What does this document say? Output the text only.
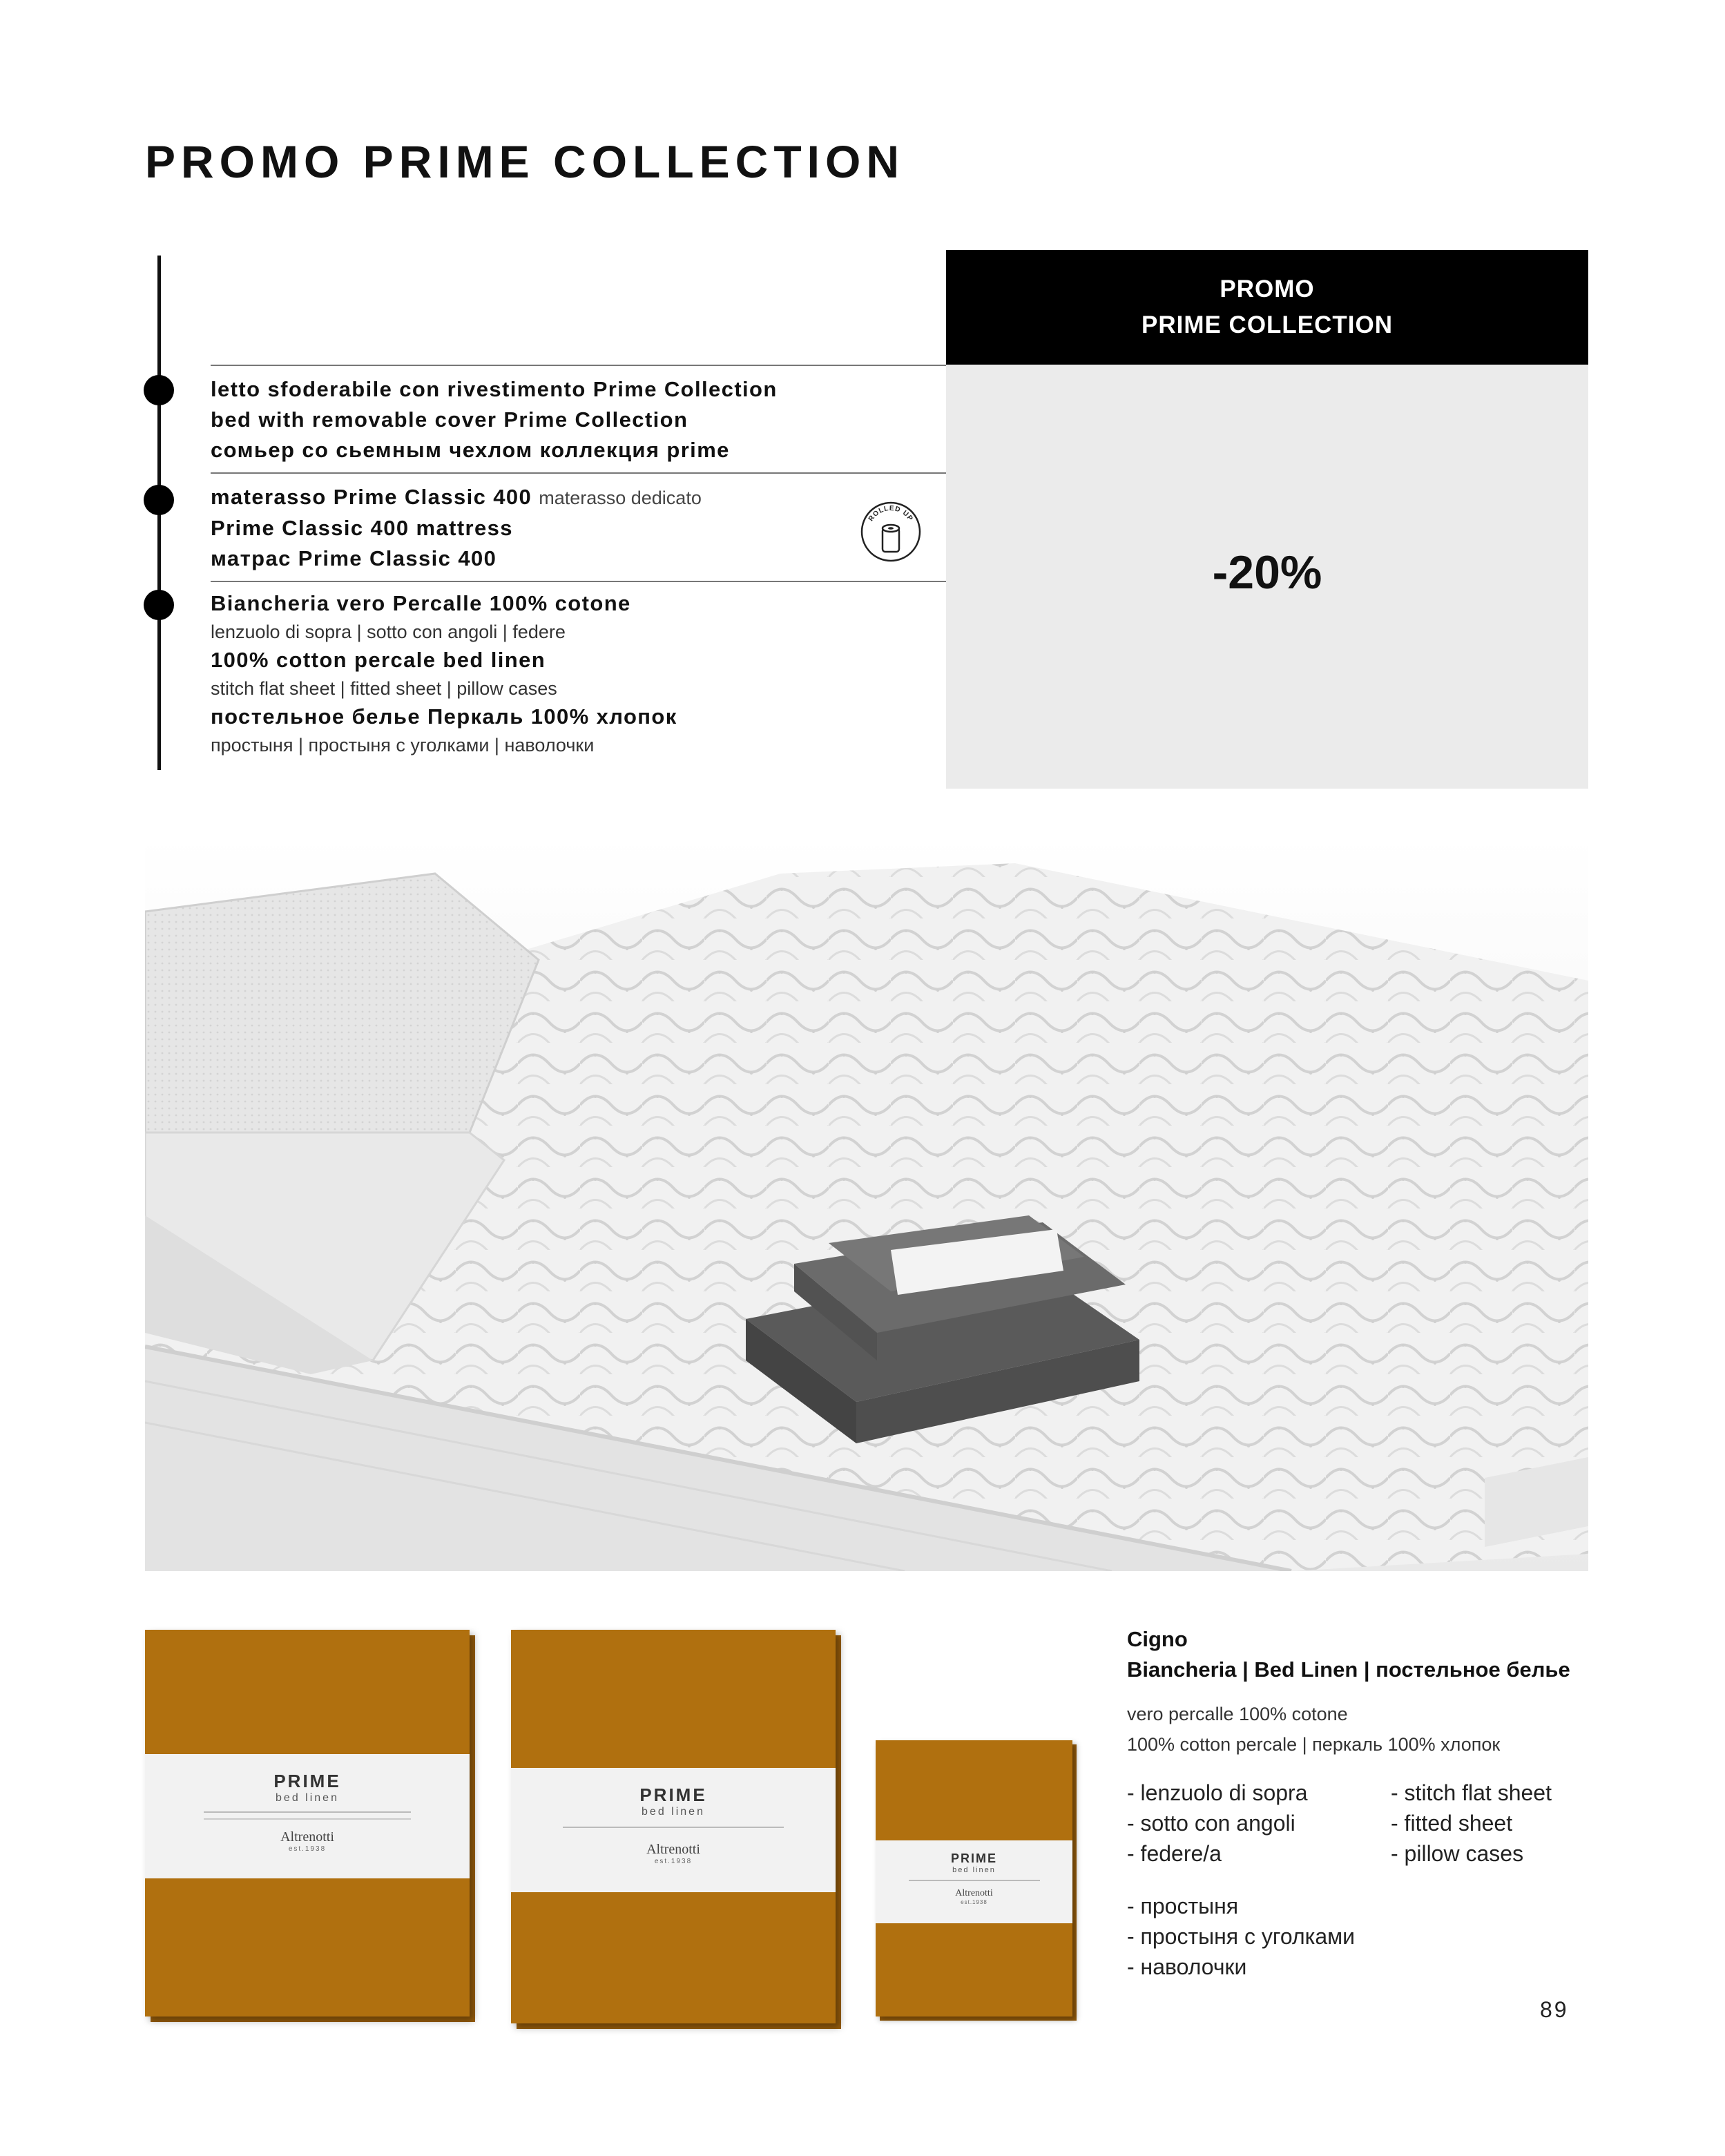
PROMO PRIME COLLECTION
letto sfoderabile con rivestimento Prime Collection
bed with removable cover Prime Collection
сомьер со сьемным чехлом коллекция prime
materasso Prime Classic 400 materasso dedicato
Prime Classic 400 mattress
матрас Prime Classic 400
ROLLED UP
Biancheria vero Percalle 100% cotone
lenzuolo di sopra | sotto con angoli | federe
100% cotton percale bed linen
stitch flat sheet | fitted sheet | pillow cases
постельное белье Перкаль 100% хлопок
простыня | простыня с уголками | наволочки
PROMO
PRIME COLLECTION
-20%
PRIME
bed linen
Altrenotti
est.1938
PRIME
bed linen
Altrenotti
est.1938	PRIME
bed linen
Altrenotti
est.1938
Cigno
Biancheria | Bed Linen | постельное белье
vero percalle 100% cotone
100% cotton percale | перкаль 100% хлопок
- lenzuolo di sopra
- sotto con angoli
- federe/a
- stitch flat sheet
- fitted sheet
- pillow cases
- простыня
- простыня с уголками
- наволочки
89
